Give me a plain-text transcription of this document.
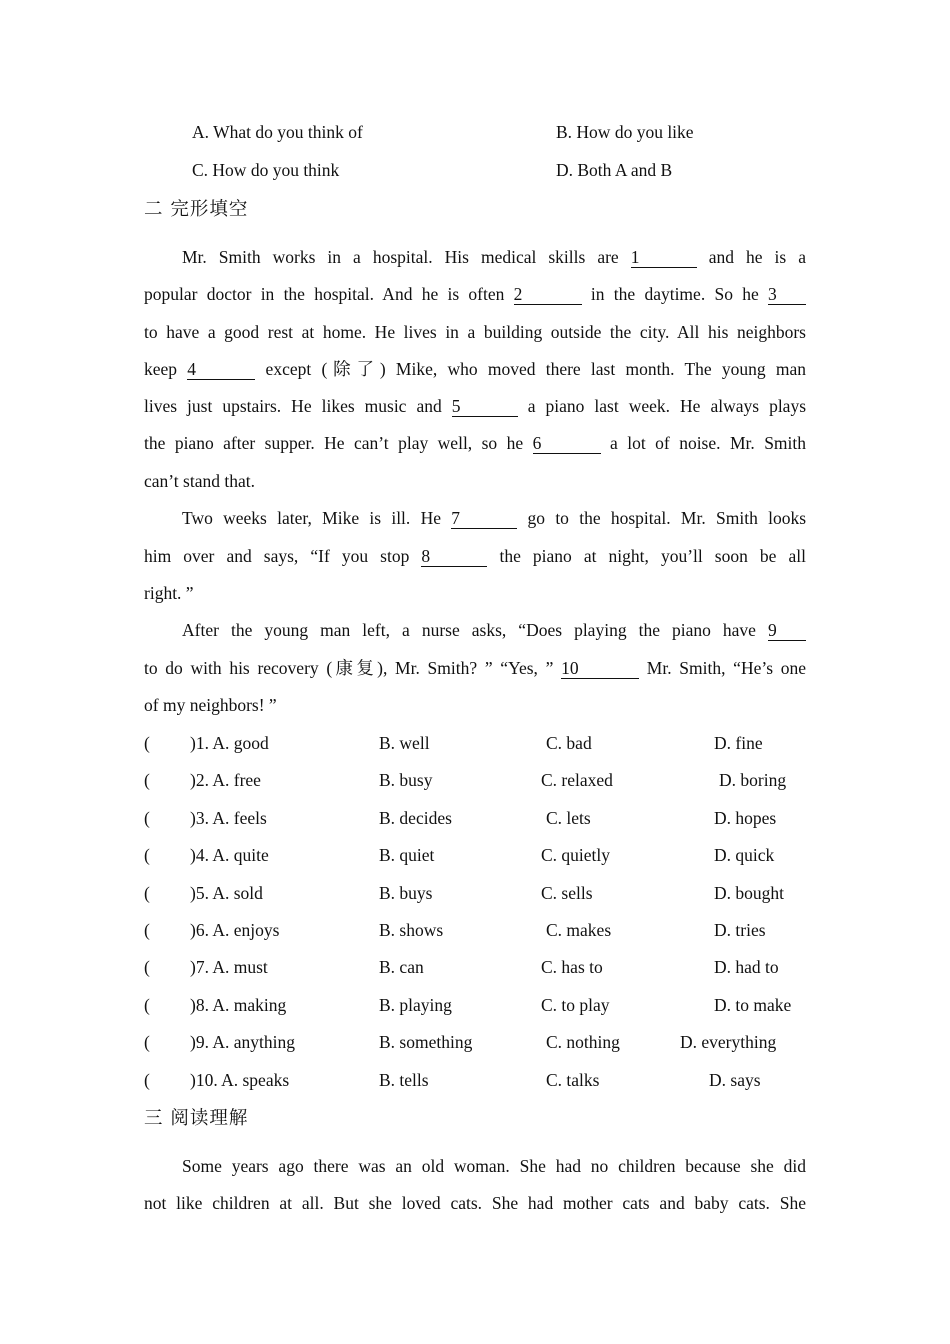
A. What do you think of	B. How do you like
C. How do you think	D. Both A and B
二 完形填空
Mr. Smith works in a hospital. His medical skills are 1	and he is a
popular doctor in the hospital. And he is often 2	in the daytime. So he 3
to have a good rest at home. He lives in a building outside the city. All his neighbors
keep 4	except (除了) Mike, who moved there last month. The young man
lives just upstairs. He likes music and 5	a piano last week. He always plays
the piano after supper. He can’t play well, so he 6	a lot of noise. Mr. Smith
can’t stand that.
Two weeks later, Mike is ill. He 7	go to the hospital. Mr. Smith looks
him over and says, “If you stop 8	the piano at night, you’ll soon be all
right. ”
After the young man left, a nurse asks, “Does playing the piano have 9
to do with his recovery (康复), Mr. Smith? ” “Yes, ” 10	Mr. Smith, “He’s one
of my neighbors! ”
( )1. A. good	B. well	C. bad	D. fine
( )2. A. free	B. busy	C. relaxed	D. boring
( )3. A. feels	B. decides	C. lets	D. hopes
( )4. A. quite	B. quiet	C. quietly	D. quick
( )5. A. sold	B. buys	C. sells	D. bought
( )6. A. enjoys	B. shows	C. makes	D. tries
( )7. A. must	B. can	C. has to	D. had to
( )8. A. making	B. playing	C. to play	D. to make
( )9. A. anything	B. something	C. nothing	D. everything
( )10. A. speaks	B. tells	C. talks	D. says
三 阅读理解
Some years ago there was an old woman. She had no children because she did
not like children at all. But she loved cats. She had mother cats and baby cats. She
